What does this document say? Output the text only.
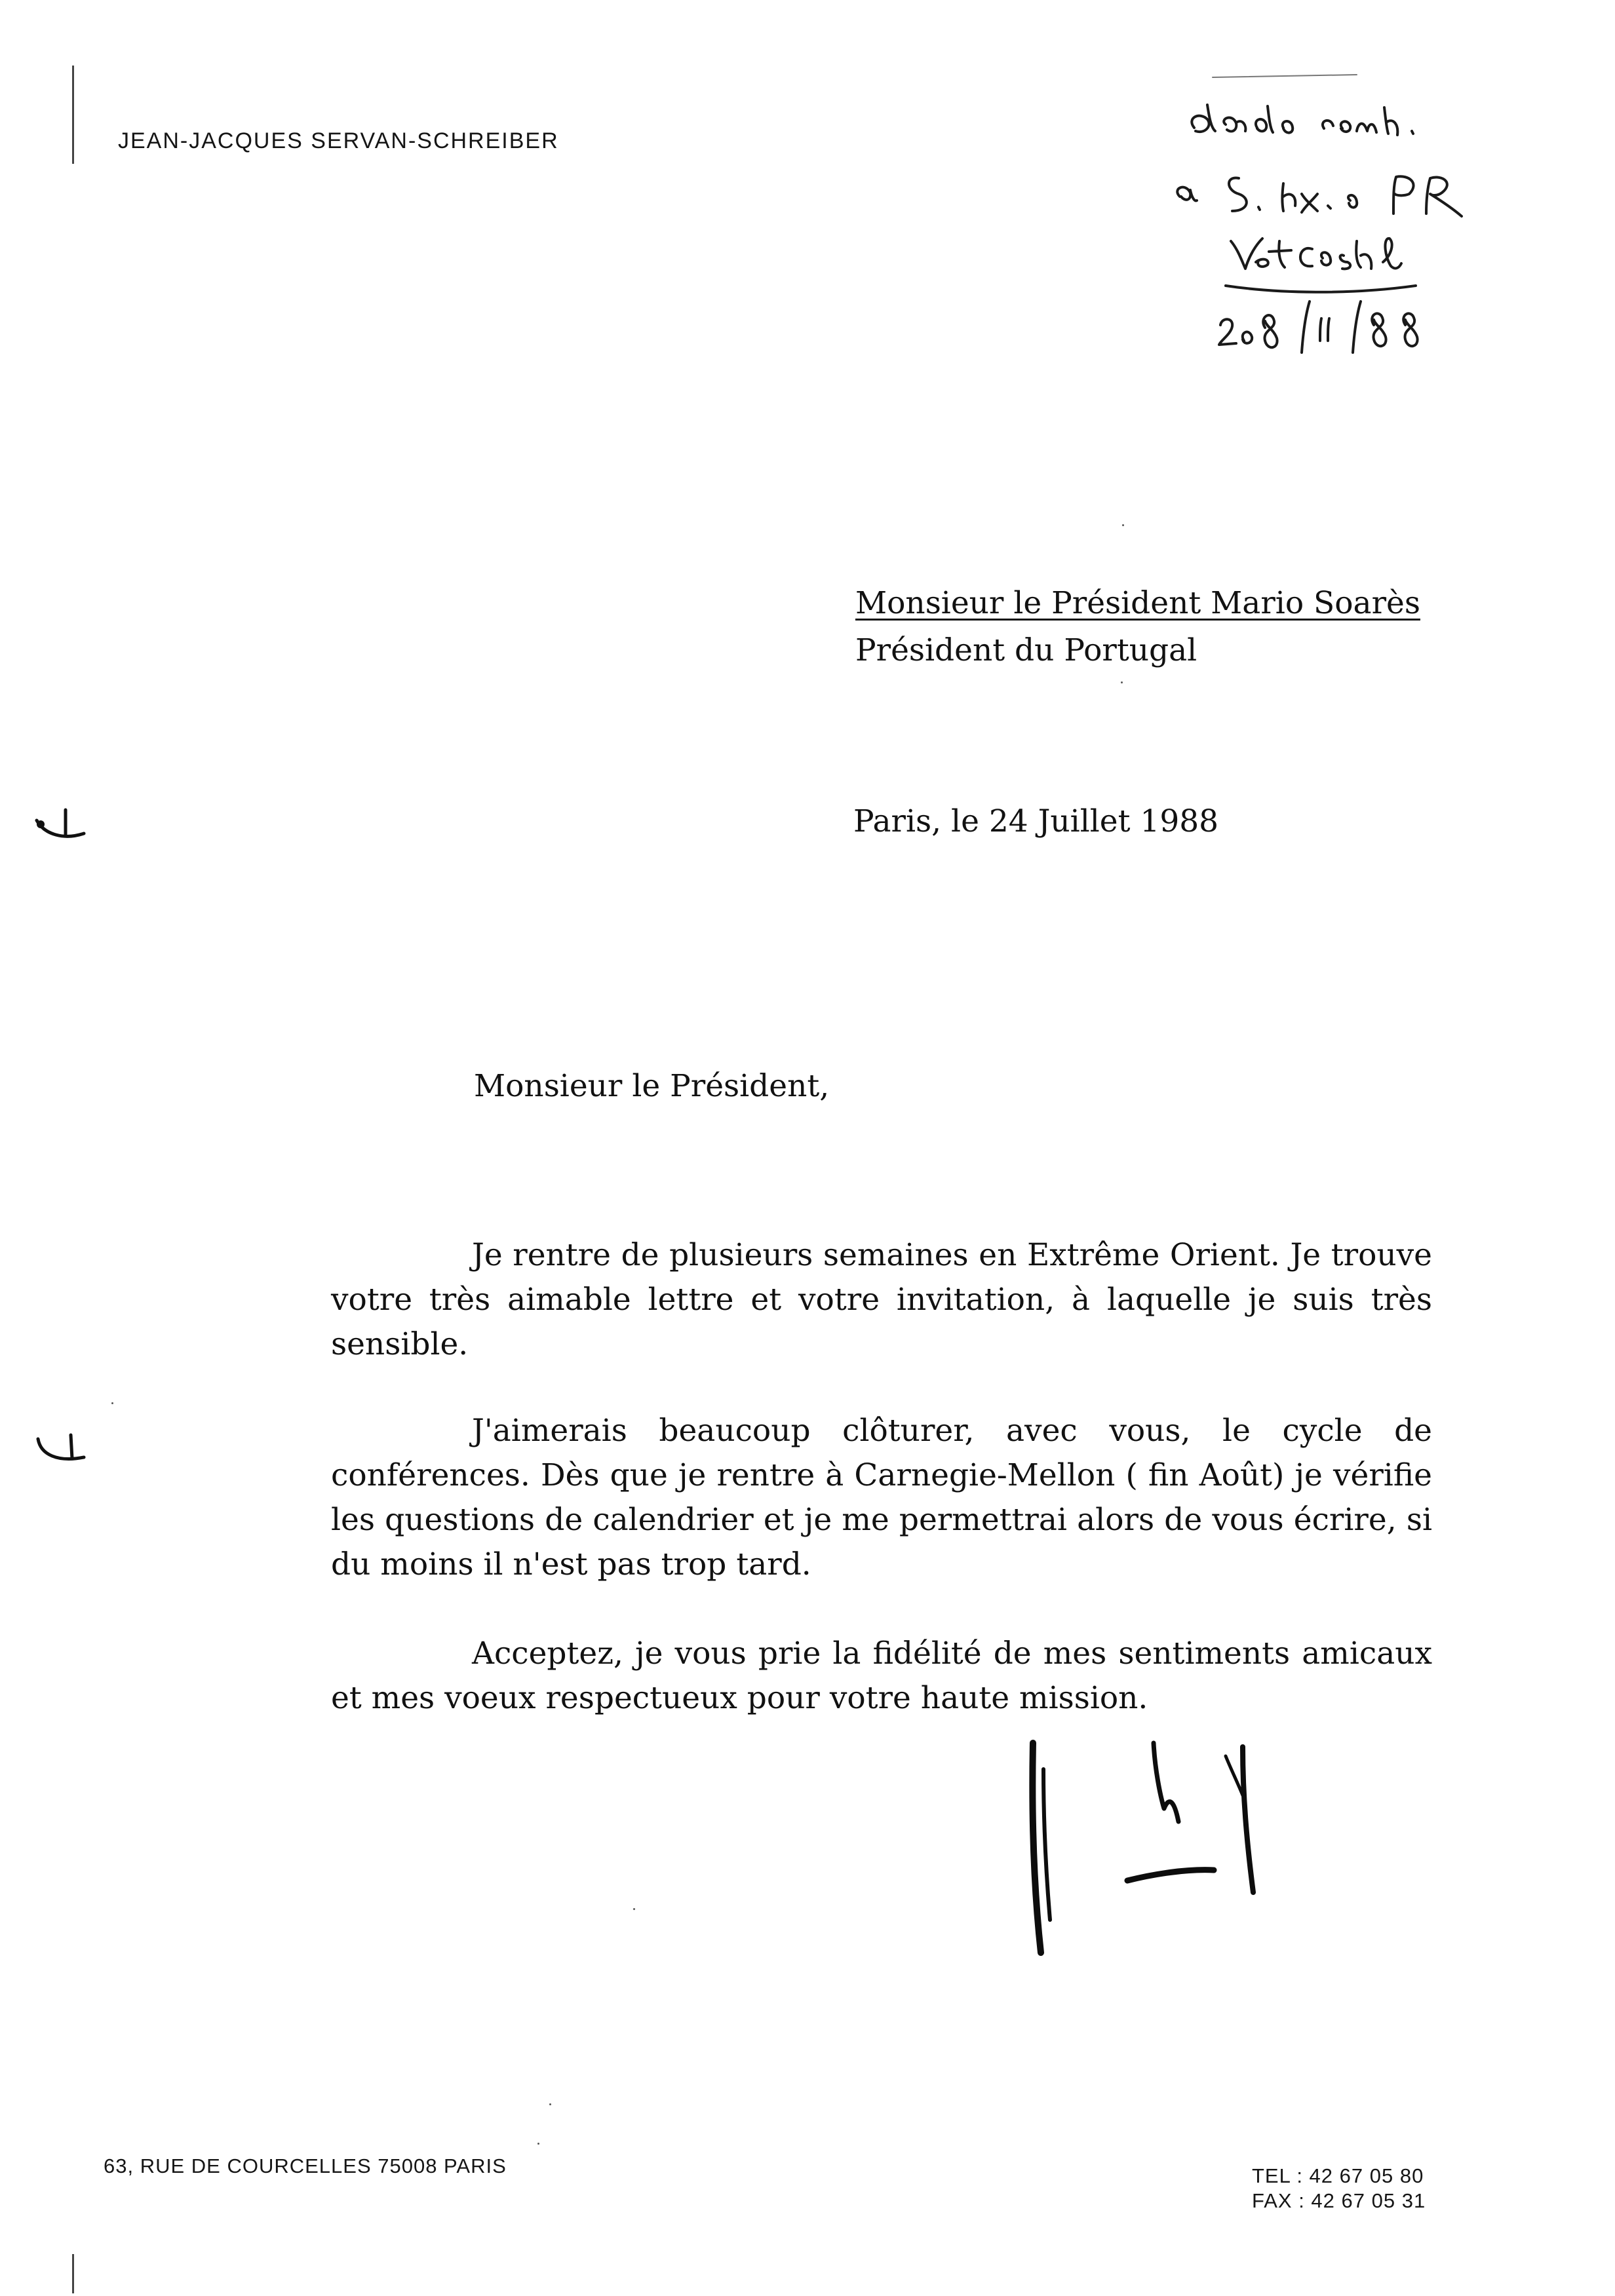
JEAN-JACQUES SERVAN-SCHREIBER
Monsieur le Président Mario Soarès
Président du Portugal
Paris, le 24 Juillet 1988
Monsieur le Président,

Je rentre de plusieurs semaines en Extrême Orient. Je trouve votre très aimable lettre et votre invitation, à laquelle je suis très sensible.

J'aimerais beaucoup clôturer, avec vous, le cycle de conférences. Dès que je rentre à Carnegie-Mellon ( fin Août) je vérifie les questions de calendrier et je me permettrai alors de vous écrire, si du moins il n'est pas trop tard.

Acceptez, je vous prie la fidélité de mes sentiments amicaux et mes voeux respectueux pour votre haute mission.

63, RUE DE COURCELLES 75008 PARIS	TEL : 42 67 05 80
FAX : 42 67 05 31
